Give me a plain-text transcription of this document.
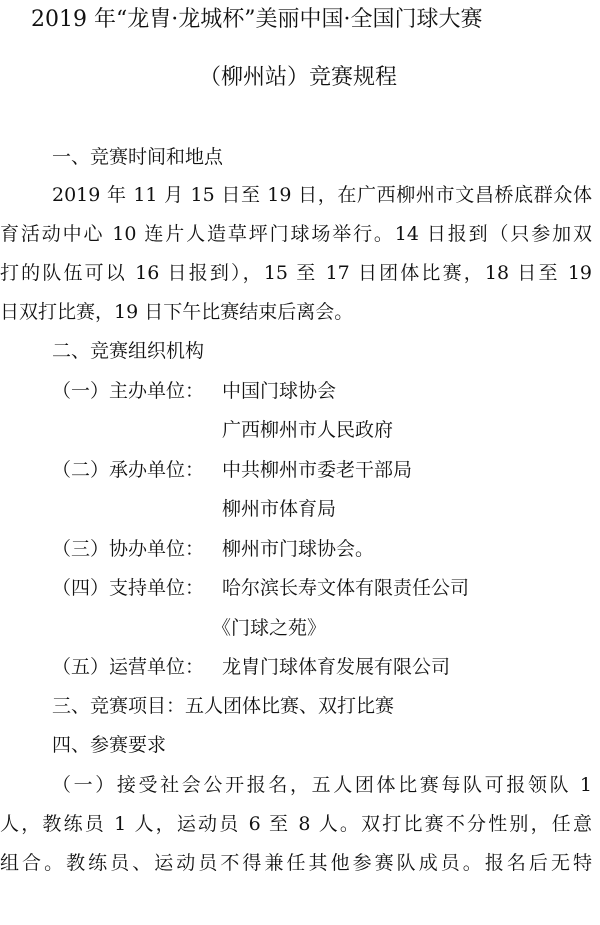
2019 年“龙胄·龙城杯”美丽中国·全国门球大赛
（柳州站）竞赛规程
一、竞赛时间和地点
2019 年 11 月 15 日至 19 日，在广西柳州市文昌桥底群众体
育活动中心 10 连片人造草坪门球场举行。14 日报到（只参加双
打的队伍可以 16 日报到），15 至 17 日团体比赛，18 日至 19
日双打比赛，19 日下午比赛结束后离会。
二、竞赛组织机构
（一）主办单位： 中国门球协会
广西柳州市人民政府
（二）承办单位： 中共柳州市委老干部局
柳州市体育局
（三）协办单位： 柳州市门球协会。
（四）支持单位： 哈尔滨长寿文体有限责任公司
《门球之苑》
（五）运营单位： 龙胄门球体育发展有限公司
三、竞赛项目：五人团体比赛、双打比赛
四、参赛要求
（一）接受社会公开报名，五人团体比赛每队可报领队 1
人，教练员 1 人，运动员 6 至 8 人。双打比赛不分性别，任意
组合。教练员、运动员不得兼任其他参赛队成员。报名后无特
